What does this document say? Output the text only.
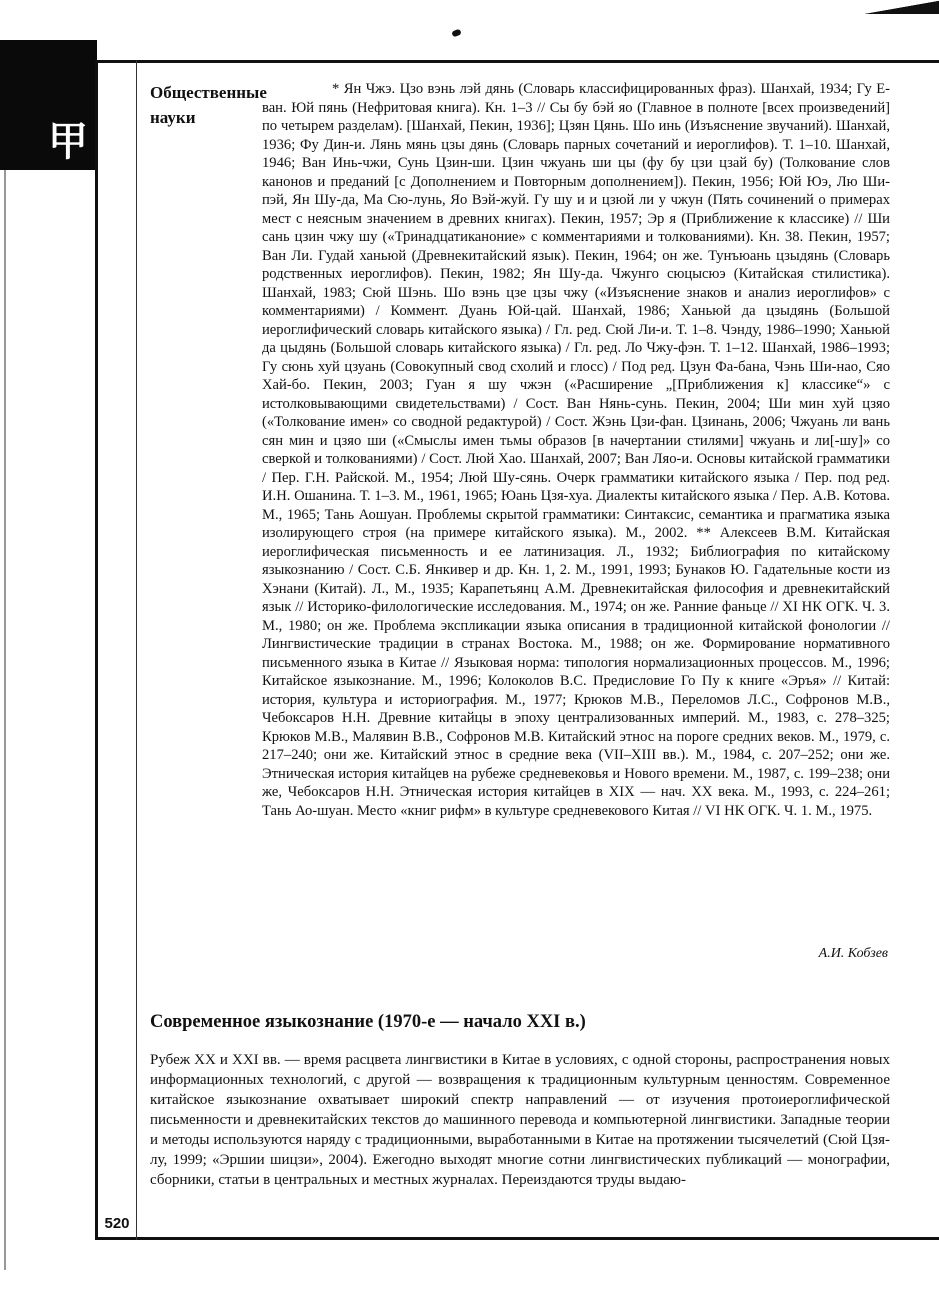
甲
Общественные науки

* Ян Чжэ. Цзо вэнь лэй дянь (Словарь классифицированных фраз). Шанхай, 1934; Гу Е-ван. Юй пянь (Нефритовая книга). Кн. 1–3 // Сы бу бэй яо (Главное в полноте [всех произведений] по четырем разделам). [Шанхай, Пекин, 1936]; Цзян Цянь. Шо инь (Изъяснение звучаний). Шанхай, 1936; Фу Дин-и. Лянь мянь цзы дянь (Словарь парных сочетаний и иероглифов). Т. 1–10. Шанхай, 1946; Ван Инь-чжи, Сунь Цзин-ши. Цзин чжуань ши цы (фу бу цзи цзай бу) (Толкование слов канонов и преданий [с Дополнением и Повторным дополнением]). Пекин, 1956; Юй Юэ, Лю Ши-пэй, Ян Шу-да, Ма Сю-лунь, Яо Вэй-жуй. Гу шу и и цзюй ли у чжун (Пять сочинений о примерах мест с неясным значением в древних книгах). Пекин, 1957; Эр я (Приближение к классике) // Ши сань цзин чжу шу («Тринадцатиканоние» с комментариями и толкованиями). Кн. 38. Пекин, 1957; Ван Ли. Гудай ханьюй (Древнекитайский язык). Пекин, 1964; он же. Тунъюань цзыдянь (Словарь родственных иероглифов). Пекин, 1982; Ян Шу-да. Чжунго сюцысюэ (Китайская стилистика). Шанхай, 1983; Сюй Шэнь. Шо вэнь цзе цзы чжу («Изъяснение знаков и анализ иероглифов» с комментариями) / Коммент. Дуань Юй-цай. Шанхай, 1986; Ханьюй да цзыдянь (Большой иероглифический словарь китайского языка) / Гл. ред. Сюй Ли-и. Т. 1–8. Чэнду, 1986–1990; Ханьюй да цыдянь (Большой словарь китайского языка) / Гл. ред. Ло Чжу-фэн. Т. 1–12. Шанхай, 1986–1993; Гу сюнь хуй цзуань (Совокупный свод схолий и глосс) / Под ред. Цзун Фа-бана, Чэнь Ши-нао, Сяо Хай-бо. Пекин, 2003; Гуан я шу чжэн («Расширение „[Приближения к] классике“» с истолковывающими свидетельствами) / Сост. Ван Нянь-сунь. Пекин, 2004; Ши мин хуй цзяо («Толкование имен» со сводной редактурой) / Сост. Жэнь Цзи-фан. Цзинань, 2006; Чжуань ли вань сян мин и цзяо ши («Смыслы имен тьмы образов [в начертании стилями] чжуань и ли[-шу]» со сверкой и толкованиями) / Сост. Люй Хао. Шанхай, 2007; Ван Ляо-и. Основы китайской грамматики / Пер. Г.Н. Райской. М., 1954; Люй Шу-сянь. Очерк грамматики китайского языка / Пер. под ред. И.Н. Ошанина. Т. 1–3. М., 1961, 1965; Юань Цзя-хуа. Диалекты китайского языка / Пер. А.В. Котова. М., 1965; Тань Аошуан. Проблемы скрытой грамматики: Синтаксис, семантика и прагматика языка изолирующего строя (на примере китайского языка). М., 2002. ** Алексеев В.М. Китайская иероглифическая письменность и ее латинизация. Л., 1932; Библиография по китайскому языкознанию / Сост. С.Б. Янкивер и др. Кн. 1, 2. М., 1991, 1993; Бунаков Ю. Гадательные кости из Хэнани (Китай). Л., М., 1935; Карапетьянц А.М. Древнекитайская философия и древнекитайский язык // Историко-филологические исследования. М., 1974; он же. Ранние фаньце // XI НК ОГК. Ч. 3. М., 1980; он же. Проблема экспликации языка описания в традиционной китайской фонологии // Лингвистические традиции в странах Востока. М., 1988; он же. Формирование нормативного письменного языка в Китае // Языковая норма: типология нормализационных процессов. М., 1996; Китайское языкознание. М., 1996; Колоколов В.С. Предисловие Го Пу к книге «Эръя» // Китай: история, культура и историография. М., 1977; Крюков М.В., Переломов Л.С., Софронов М.В., Чебоксаров Н.Н. Древние китайцы в эпоху централизованных империй. М., 1983, с. 278–325; Крюков М.В., Малявин В.В., Софронов М.В. Китайский этнос на пороге средних веков. М., 1979, с. 217–240; они же. Китайский этнос в средние века (VII–XIII вв.). М., 1984, с. 207–252; они же. Этническая история китайцев на рубеже средневековья и Нового времени. М., 1987, с. 199–238; они же, Чебоксаров Н.Н. Этническая история китайцев в XIX — нач. XX века. М., 1993, с. 224–261; Тань Ао-шуан. Место «книг рифм» в культуре средневекового Китая // VI НК ОГК. Ч. 1. М., 1975.

А.И. Кобзев
Современное языкознание (1970-е — начало XXI в.)

Рубеж XX и XXI вв. — время расцвета лингвистики в Китае в условиях, с одной стороны, распространения новых информационных технологий, с другой — возвращения к традиционным культурным ценностям. Современное китайское языкознание охватывает широкий спектр направлений — от изучения протоиероглифической письменности и древнекитайских текстов до машинного перевода и компьютерной лингвистики. Западные теории и методы используются наряду с традиционными, выработанными в Китае на протяжении тысячелетий (Сюй Цзя-лу, 1999; «Эршии шицзи», 2004). Ежегодно выходят многие сотни лингвистических публикаций — монографии, сборники, статьи в центральных и местных журналах. Переиздаются труды выдаю-

520
